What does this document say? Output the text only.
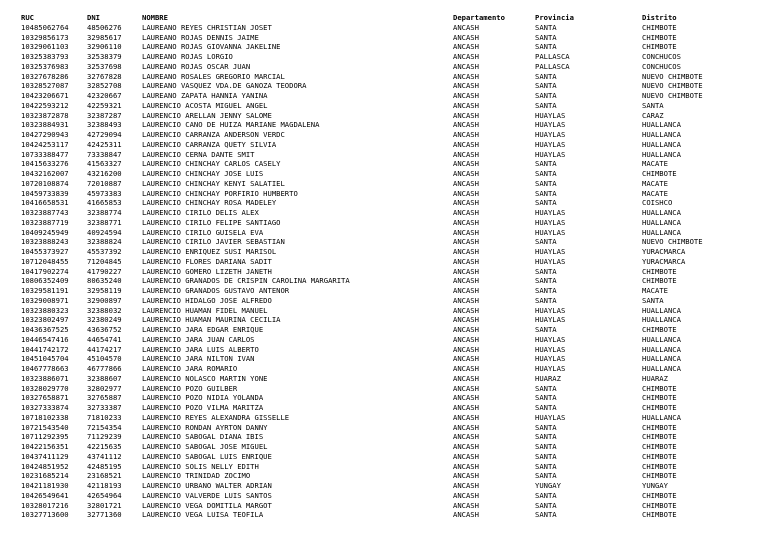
RUC	DNI	NOMBRE	Departamento	Provincia	Distrito
10485062764	48506276	LAUREANO REYES CHRISTIAN JOSET	ANCASH	SANTA	CHIMBOTE
10329856173	32985617	LAUREANO ROJAS DENNIS JAIME	ANCASH	SANTA	CHIMBOTE
10329061103	32906110	LAUREANO ROJAS GIOVANNA JAKELINE	ANCASH	SANTA	CHIMBOTE
10325383793	32538379	LAUREANO ROJAS LORGIO	ANCASH	PALLASCA	CONCHUCOS
10325376983	32537698	LAUREANO ROJAS OSCAR JUAN	ANCASH	PALLASCA	CONCHUCOS
10327678286	32767828	LAUREANO ROSALES GREGORIO MARCIAL	ANCASH	SANTA	NUEVO CHIMBOTE
10328527087	32852708	LAUREANO VASQUEZ VDA.DE GANOZA TEODORA	ANCASH	SANTA	NUEVO CHIMBOTE
10423206671	42320667	LAUREANO ZAPATA HANNIA YANINA	ANCASH	SANTA	NUEVO CHIMBOTE
10422593212	42259321	LAURENCIO ACOSTA MIGUEL ANGEL	ANCASH	SANTA	SANTA
10323872878	32387287	LAURENCIO ARELLAN JENNY SALOME	ANCASH	HUAYLAS	CARAZ
10323884931	32388493	LAURENCIO CANO DE HUIZA MARIANE MAGDALENA	ANCASH	HUAYLAS	HUALLANCA
10427290943	42729094	LAURENCIO CARRANZA ANDERSON VERDC	ANCASH	HUAYLAS	HUALLANCA
10424253117	42425311	LAURENCIO CARRANZA QUETY SILVIA	ANCASH	HUAYLAS	HUALLANCA
10733388477	73338847	LAURENCIO CERNA DANTE SMIT	ANCASH	HUAYLAS	HUALLANCA
10415633276	41563327	LAURENCIO CHINCHAY CARLOS CASELY	ANCASH	SANTA	MACATE
10432162007	43216200	LAURENCIO CHINCHAY JOSE LUIS	ANCASH	SANTA	CHIMBOTE
10720108874	72010887	LAURENCIO CHINCHAY KENYI SALATIEL	ANCASH	SANTA	MACATE
10459733839	45973383	LAURENCIO CHINCHAY PORFIRIO HUMBERTO	ANCASH	SANTA	MACATE
10416658531	41665853	LAURENCIO CHINCHAY ROSA MADELEY	ANCASH	SANTA	COISHCO
10323887743	32388774	LAURENCIO CIRILO DELIS ALEX	ANCASH	HUAYLAS	HUALLANCA
10323887719	32388771	LAURENCIO CIRILO FELIPE SANTIAGO	ANCASH	HUAYLAS	HUALLANCA
10409245949	40924594	LAURENCIO CIRILO GUISELA EVA	ANCASH	HUAYLAS	HUALLANCA
10323888243	32388824	LAURENCIO CIRILO JAVIER SEBASTIAN	ANCASH	SANTA	NUEVO CHIMBOTE
10455373927	45537392	LAURENCIO ENRIQUEZ SUSI MARISOL	ANCASH	HUAYLAS	YURACMARCA
10712048455	71204845	LAURENCIO FLORES DARIANA SADIT	ANCASH	HUAYLAS	YURACMARCA
10417902274	41790227	LAURENCIO GOMERO LIZETH JANETH	ANCASH	SANTA	CHIMBOTE
10806352409	80635240	LAURENCIO GRANADOS DE CRISPIN CAROLINA MARGARITA	ANCASH	SANTA	CHIMBOTE
10329581191	32958119	LAURENCIO GRANADOS GUSTAVO ANTENOR	ANCASH	SANTA	MACATE
10329008971	32900897	LAURENCIO HIDALGO JOSE ALFREDO	ANCASH	SANTA	SANTA
10323880323	32388032	LAURENCIO HUAMAN FIDEL MANUEL	ANCASH	HUAYLAS	HUALLANCA
10323802497	32380249	LAURENCIO HUAMAN MAURINA CECILIA	ANCASH	HUAYLAS	HUALLANCA
10436367525	43636752	LAURENCIO JARA EDGAR ENRIQUE	ANCASH	SANTA	CHIMBOTE
10446547416	44654741	LAURENCIO JARA JUAN CARLOS	ANCASH	HUAYLAS	HUALLANCA
10441742172	44174217	LAURENCIO JARA LUIS ALBERTO	ANCASH	HUAYLAS	HUALLANCA
10451045704	45104570	LAURENCIO JARA NILTON IVAN	ANCASH	HUAYLAS	HUALLANCA
10467778663	46777866	LAURENCIO JARA ROMARIO	ANCASH	HUAYLAS	HUALLANCA
10323886071	32388607	LAURENCIO NOLASCO MARTIN YONE	ANCASH	HUARAZ	HUARAZ
10328029770	32802977	LAURENCIO POZO GUILBER	ANCASH	SANTA	CHIMBOTE
10327658871	32765887	LAURENCIO POZO NIDIA YOLANDA	ANCASH	SANTA	CHIMBOTE
10327333874	32733387	LAURENCIO POZO VILMA MARITZA	ANCASH	SANTA	CHIMBOTE
10718102338	71810233	LAURENCIO REYES ALEXANDRA GISSELLE	ANCASH	HUAYLAS	HUALLANCA
10721543540	72154354	LAURENCIO RONDAN AYRTON DANNY	ANCASH	SANTA	CHIMBOTE
10711292395	71129239	LAURENCIO SABOGAL DIANA IBIS	ANCASH	SANTA	CHIMBOTE
10422156351	42215635	LAURENCIO SABOGAL JOSE MIGUEL	ANCASH	SANTA	CHIMBOTE
10437411129	43741112	LAURENCIO SABOGAL LUIS ENRIQUE	ANCASH	SANTA	CHIMBOTE
10424851952	42485195	LAURENCIO SOLIS NELLY EDITH	ANCASH	SANTA	CHIMBOTE
10231685214	23168521	LAURENCIO TRINIDAD ZOCIMO	ANCASH	SANTA	CHIMBOTE
10421181930	42118193	LAURENCIO URBANO WALTER ADRIAN	ANCASH	YUNGAY	YUNGAY
10426549641	42654964	LAURENCIO VALVERDE LUIS SANTOS	ANCASH	SANTA	CHIMBOTE
10328017216	32801721	LAURENCIO VEGA DOMITILA MARGOT	ANCASH	SANTA	CHIMBOTE
10327713600	32771360	LAURENCIO VEGA LUISA TEOFILA	ANCASH	SANTA	CHIMBOTE
